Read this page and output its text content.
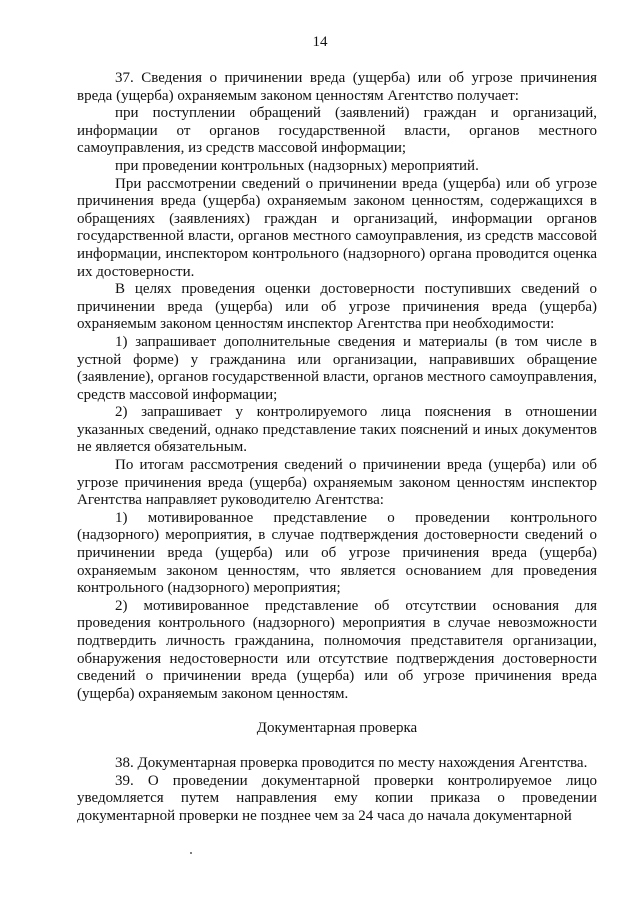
14

37. Сведения о причинении вреда (ущерба) или об угрозе причинения вреда (ущерба) охраняемым законом ценностям Агентство получает:

при поступлении обращений (заявлений) граждан и организаций, информации от органов государственной власти, органов местного самоуправления, из средств массовой информации;

при проведении контрольных (надзорных) мероприятий.

При рассмотрении сведений о причинении вреда (ущерба) или об угрозе причинения вреда (ущерба) охраняемым законом ценностям, содержащихся в обращениях (заявлениях) граждан и организаций, информации органов государственной власти, органов местного самоуправления, из средств массовой информации, инспектором контрольного (надзорного) органа проводится оценка их достоверности.

В целях проведения оценки достоверности поступивших сведений о причинении вреда (ущерба) или об угрозе причинения вреда (ущерба) охраняемым законом ценностям инспектор Агентства при необходимости:

1) запрашивает дополнительные сведения и материалы (в том числе в устной форме) у гражданина или организации, направивших обращение (заявление), органов государственной власти, органов местного самоуправления, средств массовой информации;

2) запрашивает у контролируемого лица пояснения в отношении указанных сведений, однако представление таких пояснений и иных документов не является обязательным.

По итогам рассмотрения сведений о причинении вреда (ущерба) или об угрозе причинения вреда (ущерба) охраняемым законом ценностям инспектор Агентства направляет руководителю Агентства:

1) мотивированное представление о проведении контрольного (надзорного) мероприятия, в случае подтверждения достоверности сведений о причинении вреда (ущерба) или об угрозе причинения вреда (ущерба) охраняемым законом ценностям, что является основанием для проведения контрольного (надзорного) мероприятия;

2) мотивированное представление об отсутствии основания для проведения контрольного (надзорного) мероприятия в случае невозможности подтвердить личность гражданина, полномочия представителя организации, обнаружения недостоверности или отсутствие подтверждения достоверности сведений о причинении вреда (ущерба) или об угрозе причинения вреда (ущерба) охраняемым законом ценностям.

Документарная проверка

38. Документарная проверка проводится по месту нахождения Агентства.

39. О проведении документарной проверки контролируемое лицо уведомляется путем направления ему копии приказа о проведении документарной проверки не позднее чем за 24 часа до начала документарной
